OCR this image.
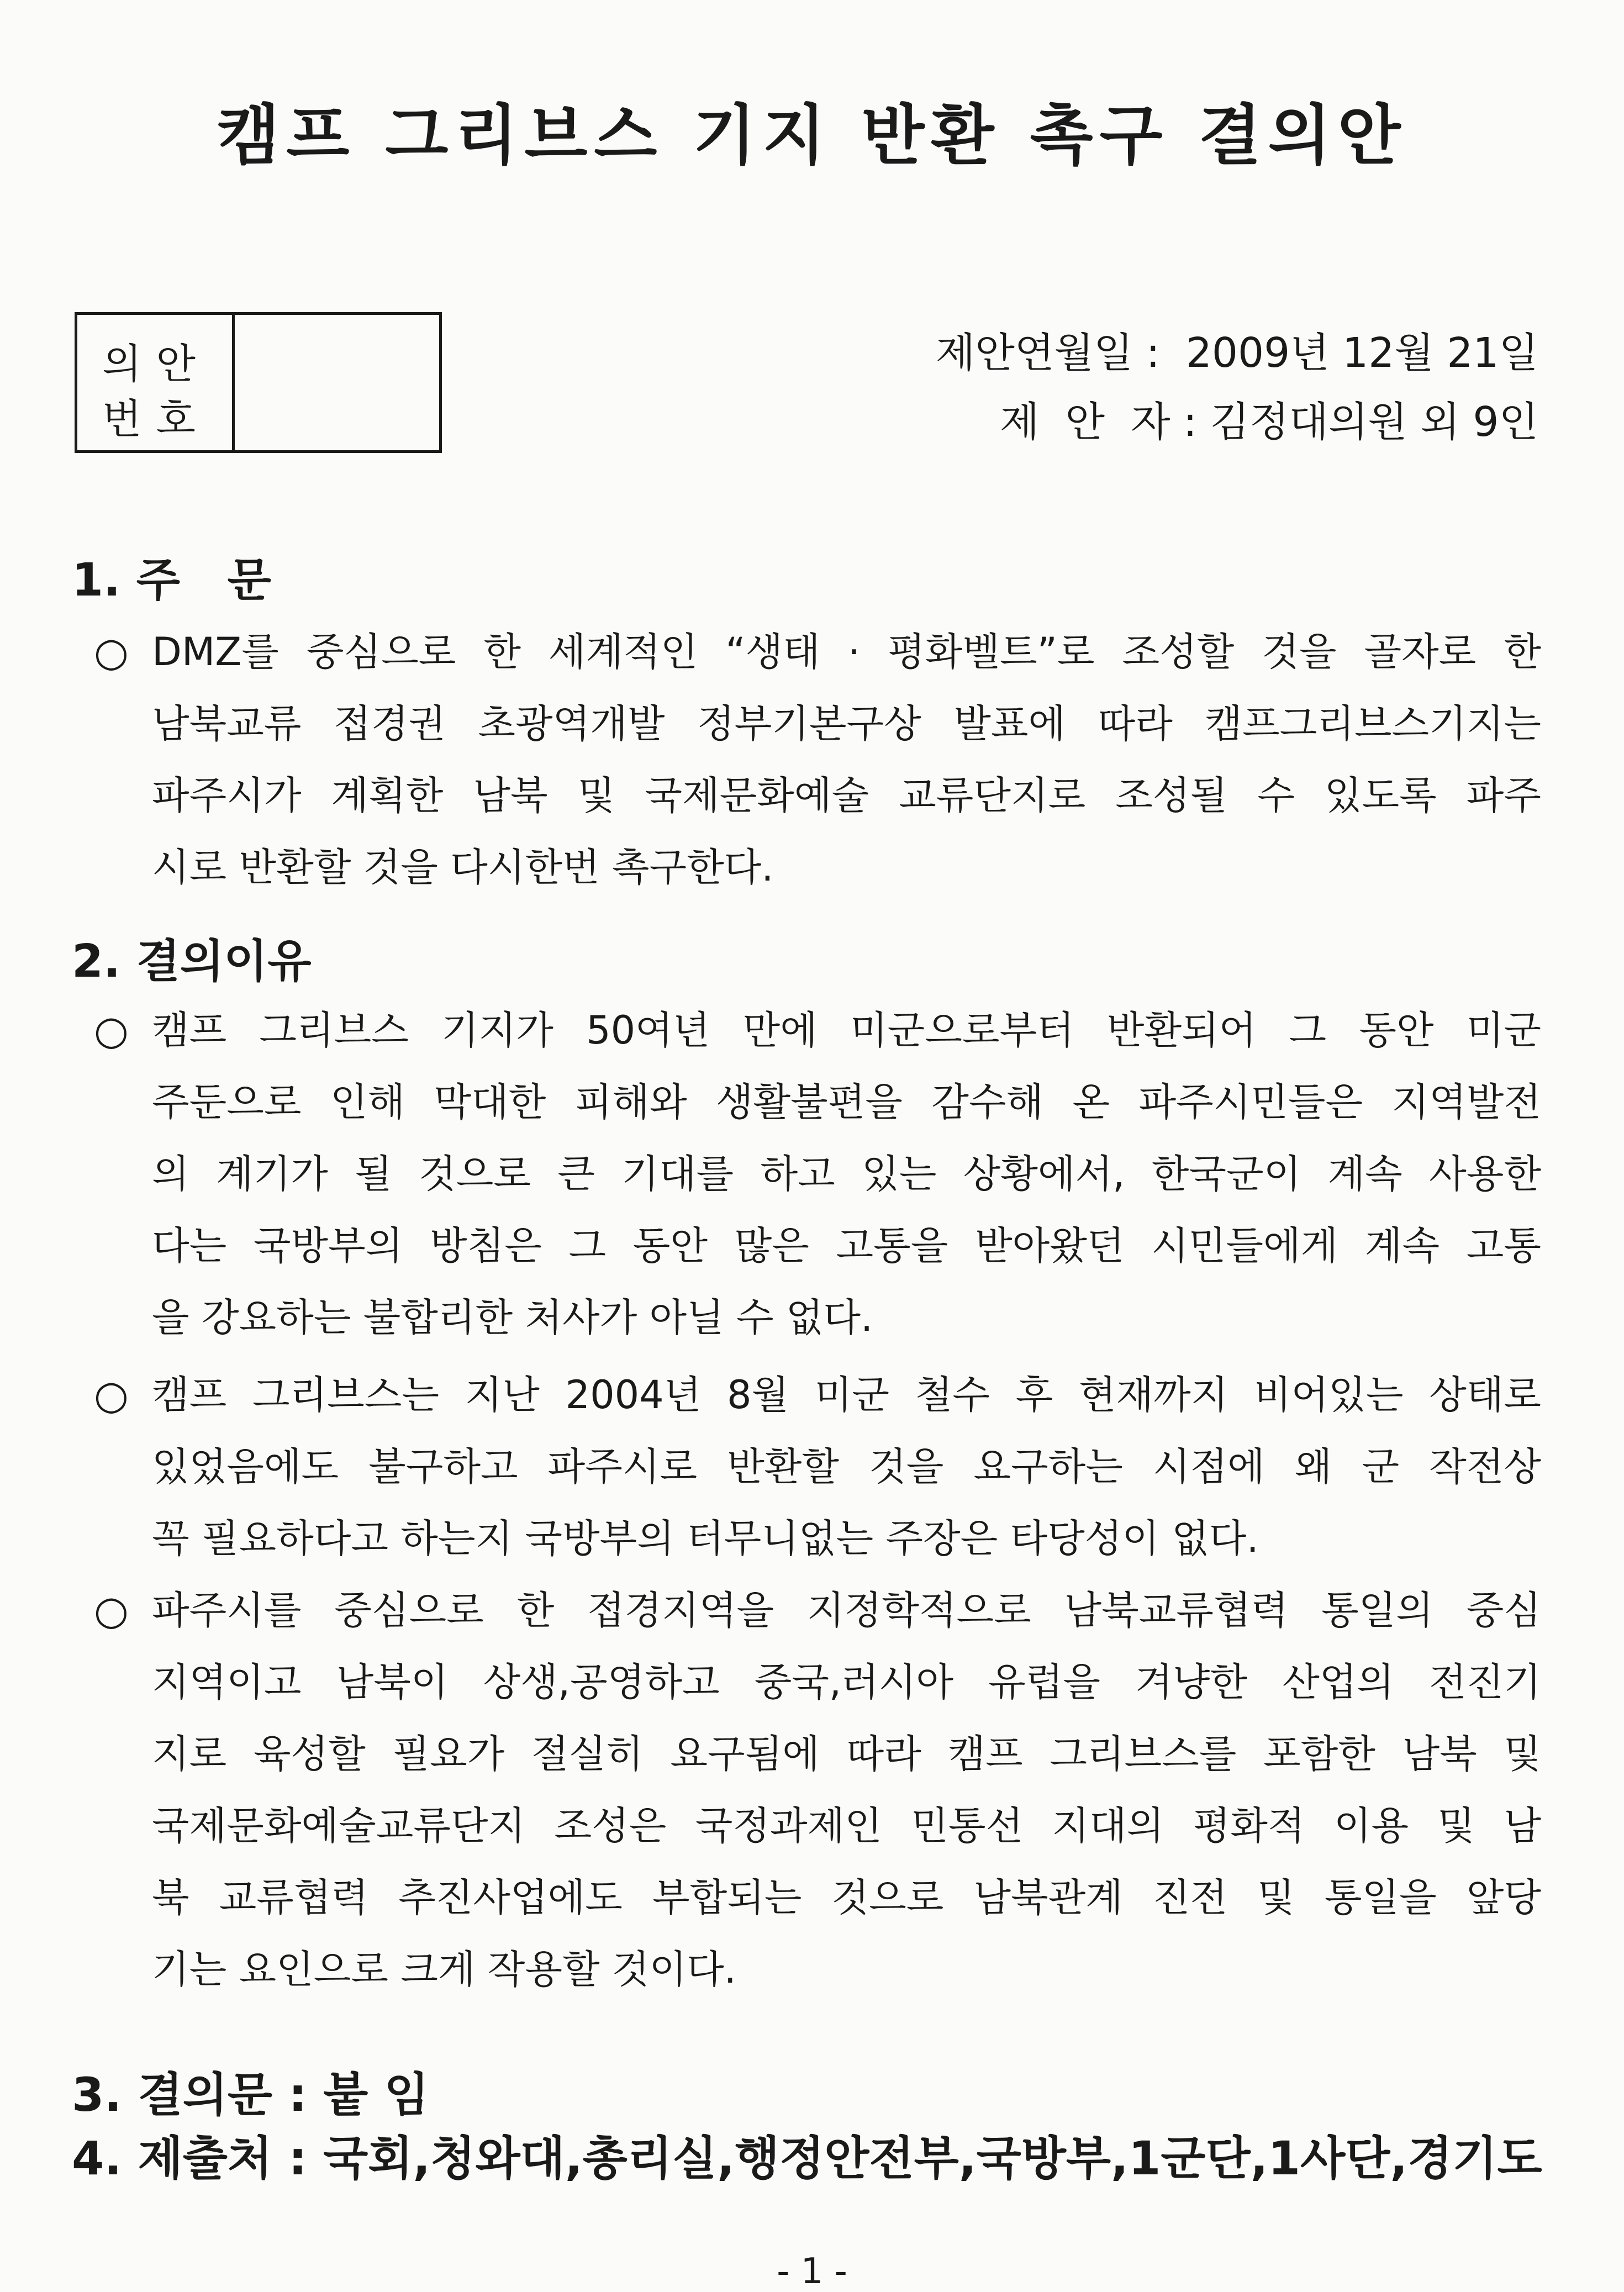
캠프 그리브스 기지 반환 촉구 결의안
의안
번호
제안연월일 :  2009년 12월 21일
제  안  자 : 김정대의원 외 9인
1. 주   문
○ DMZ를 중심으로 한 세계적인 “생태 · 평화벨트”로 조성할 것을 골자로 한
남북교류 접경권 초광역개발 정부기본구상 발표에 따라 캠프그리브스기지는
파주시가 계획한 남북 및 국제문화예술 교류단지로 조성될 수 있도록 파주
시로 반환할 것을 다시한번 촉구한다.
2. 결의이유
○ 캠프 그리브스 기지가 50여년 만에 미군으로부터 반환되어 그 동안 미군
주둔으로 인해 막대한 피해와 생활불편을 감수해 온 파주시민들은 지역발전
의 계기가 될 것으로 큰 기대를 하고 있는 상황에서, 한국군이 계속 사용한
다는 국방부의 방침은 그 동안 많은 고통을 받아왔던 시민들에게 계속 고통
을 강요하는 불합리한 처사가 아닐 수 없다.
○ 캠프 그리브스는 지난 2004년 8월 미군 철수 후 현재까지 비어있는 상태로
있었음에도 불구하고 파주시로 반환할 것을 요구하는 시점에 왜 군 작전상
꼭 필요하다고 하는지 국방부의 터무니없는 주장은 타당성이 없다.
○ 파주시를 중심으로 한 접경지역을 지정학적으로 남북교류협력 통일의 중심
지역이고 남북이 상생,공영하고 중국,러시아 유럽을 겨냥한 산업의 전진기
지로 육성할 필요가 절실히 요구됨에 따라 캠프 그리브스를 포함한 남북 및
국제문화예술교류단지 조성은 국정과제인 민통선 지대의 평화적 이용 및 남
북 교류협력 추진사업에도 부합되는 것으로 남북관계 진전 및 통일을 앞당
기는 요인으로 크게 작용할 것이다.
3. 결의문 : 붙 임
4. 제출처 : 국회,청와대,총리실,행정안전부,국방부,1군단,1사단,경기도
- 1 -
